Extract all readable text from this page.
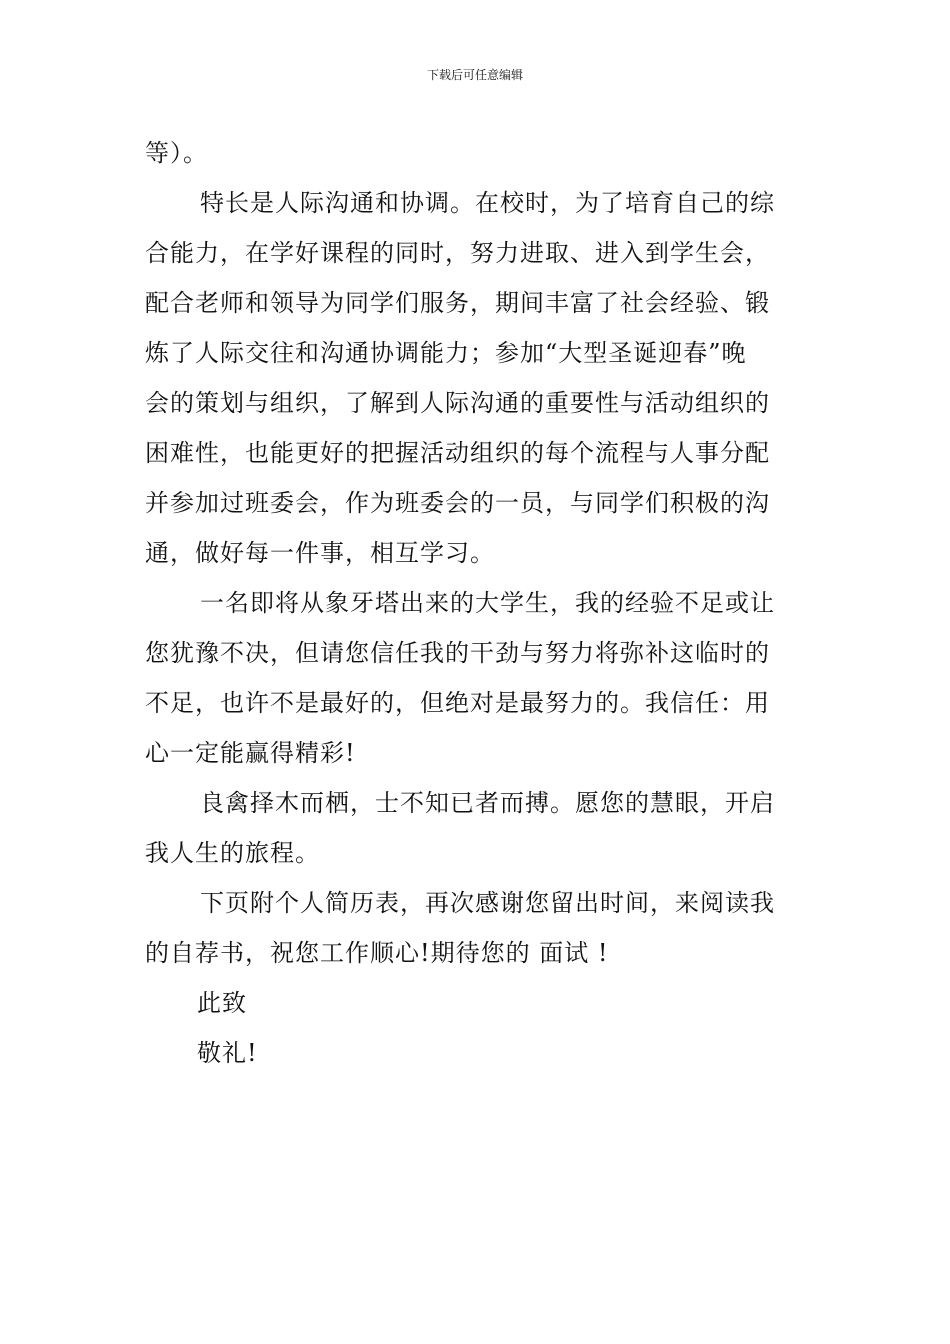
下载后可任意编辑
等）。
特长是人际沟通和协调。在校时，为了培育自己的综
合能力，在学好课程的同时，努力进取、进入到学生会，
配合老师和领导为同学们服务，期间丰富了社会经验、锻
炼了人际交往和沟通协调能力；参加“大型圣诞迎春”晚
会的策划与组织，了解到人际沟通的重要性与活动组织的
困难性，也能更好的把握活动组织的每个流程与人事分配
并参加过班委会，作为班委会的一员，与同学们积极的沟
通，做好每一件事，相互学习。
一名即将从象牙塔出来的大学生，我的经验不足或让
您犹豫不决，但请您信任我的干劲与努力将弥补这临时的
不足，也许不是最好的，但绝对是最努力的。我信任：用
心一定能赢得精彩!
良禽择木而栖，士不知已者而搏。愿您的慧眼，开启
我人生的旅程。
下页附个人简历表，再次感谢您留出时间，来阅读我
的自荐书，祝您工作顺心!期待您的 面试 !
此致
敬礼!
